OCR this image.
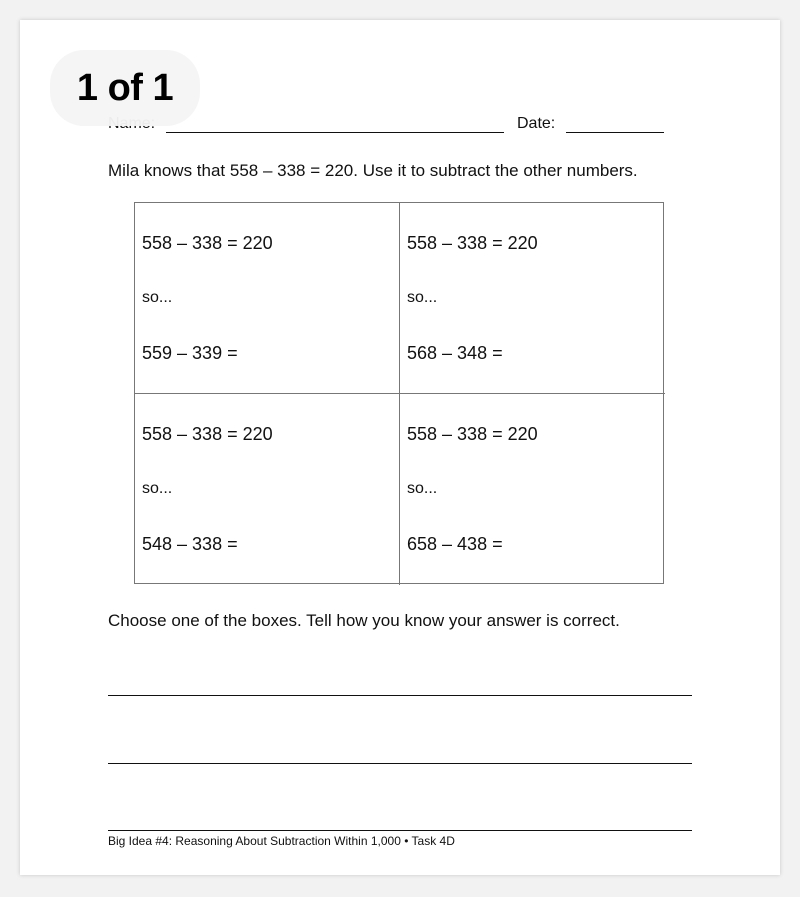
1 of 1
Date:
Mila knows that 558 – 338 = 220. Use it to subtract the other numbers.
558 – 338 = 220
so...
559 – 339 =
558 – 338 = 220
so...
568 – 348 =
558 – 338 = 220
so...
548 – 338 =
558 – 338 = 220
so...
658 – 438 =
Choose one of the boxes. Tell how you know your answer is correct.
Big Idea #4: Reasoning About Subtraction Within 1,000 • Task 4D
